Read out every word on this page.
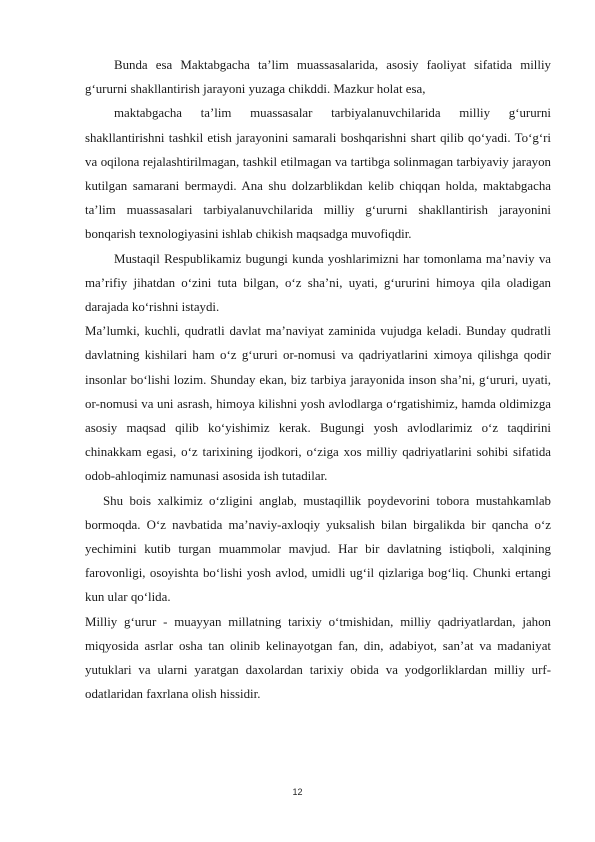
Bunda esa Maktabgacha ta’lim muassasalarida, asosiy faoliyat sifatida milliy g‘ururni shakllantirish jarayoni yuzaga chikddi. Mazkur holat esa,

maktabgacha ta’lim muassasalar tarbiyalanuvchilarida milliy g‘ururni shakllantirishni tashkil etish jarayonini samarali boshqarishni shart qilib qo‘yadi. To‘g‘ri va oqilona rejalashtirilmagan, tashkil etilmagan va tartibga solinmagan tarbiyaviy jarayon kutilgan samarani bermaydi. Ana shu dolzarblikdan kelib chiqqan holda, maktabgacha ta’lim muassasalari tarbiyalanuvchilarida milliy g‘ururni shakllantirish jarayonini bonqarish texnologiyasini ishlab chikish maqsadga muvofiqdir.

Mustaqil Respublikamiz bugungi kunda yoshlarimizni har tomonlama ma’naviy va ma’rifiy jihatdan o‘zini tuta bilgan, o‘z sha’ni, uyati, g‘ururini himoya qila oladigan darajada ko‘rishni istaydi.

Ma’lumki, kuchli, qudratli davlat ma’naviyat zaminida vujudga keladi. Bunday qudratli davlatning kishilari ham o‘z g‘ururi or-nomusi va qadriyatlarini ximoya qilishga qodir insonlar bo‘lishi lozim. Shunday ekan, biz tarbiya jarayonida inson sha’ni, g‘ururi, uyati, or-nomusi va uni asrash, himoya kilishni yosh avlodlarga o‘rgatishimiz, hamda oldimizga asosiy maqsad qilib ko‘yishimiz kerak. Bugungi yosh avlodlarimiz o‘z taqdirini chinakkam egasi, o‘z tarixining ijodkori, o‘ziga xos milliy qadriyatlarini sohibi sifatida odob-ahloqimiz namunasi asosida ish tutadilar.

Shu bois xalkimiz o‘zligini anglab, mustaqillik poydevorini tobora mustahkamlab bormoqda. O‘z navbatida ma’naviy-axloqiy yuksalish bilan birgalikda bir qancha o‘z yechimini kutib turgan muammolar mavjud. Har bir davlatning istiqboli, xalqining farovonligi, osoyishta bo‘lishi yosh avlod, umidli ug‘il qizlariga bog‘liq. Chunki ertangi kun ular qo‘lida.

Milliy g‘urur - muayyan millatning tarixiy o‘tmishidan, milliy qadriyatlardan, jahon miqyosida asrlar osha tan olinib kelinayotgan fan, din, adabiyot, san’at va madaniyat yutuklari va ularni yaratgan daxolardan tarixiy obida va yodgorliklardan milliy urf-odatlaridan faxrlana olish hissidir.

12
